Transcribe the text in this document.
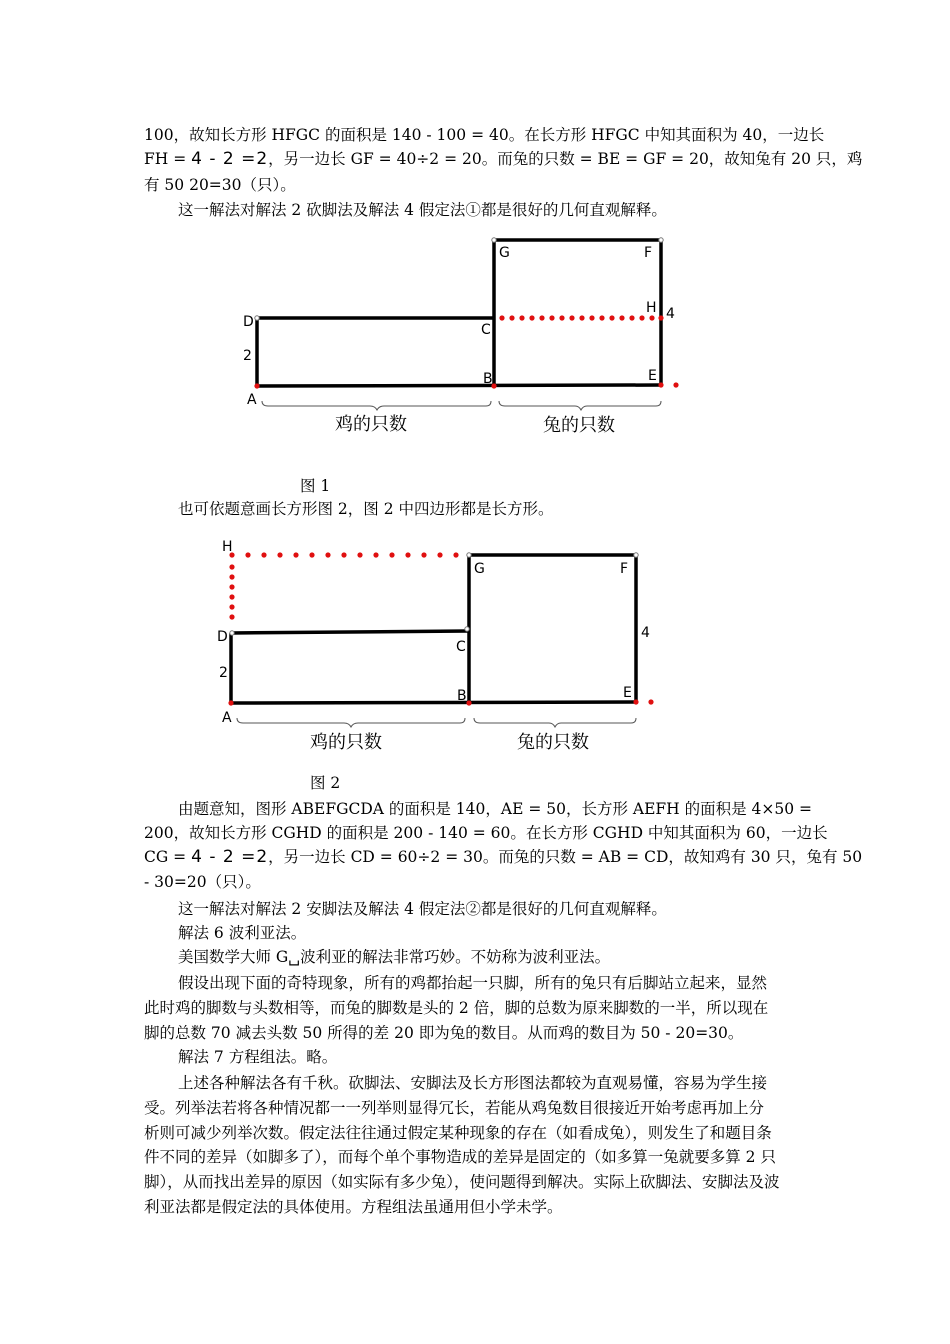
100，故知长方形 HFGC 的面积是 140 ‐ 100 = 40。在长方形 HFGC 中知其面积为 40，一边长
FH = 4 - 2 =2，另一边长 GF = 40÷2 = 20。而兔的只数 = BE = GF = 20，故知兔有 20 只，鸡
有 50 20=30（只）。
这一解法对解法 2 砍脚法及解法 4 假定法①都是很好的几何直观解释。
G	F
H 4
D	C
2
B	E
A
鸡的只数	兔的只数
图 1
也可依题意画长方形图 2，图 2 中四边形都是长方形。
H
G	F
4
D
C
2
B	E
A
鸡的只数	兔的只数
图 2
由题意知，图形 ABEFGCDA 的面积是 140，AE = 50，长方形 AEFH 的面积是 4×50 =
200，故知长方形 CGHD 的面积是 200 ‐ 140 = 60。在长方形 CGHD 中知其面积为 60，一边长
CG = 4 - 2 =2，另一边长 CD = 60÷2 = 30。而兔的只数 = AB = CD，故知鸡有 30 只，兔有 50
‐ 30=20（只）。
这一解法对解法 2 安脚法及解法 4 假定法②都是很好的几何直观解释。
解法 6 波利亚法。
美国数学大师 G␣波利亚的解法非常巧妙。不妨称为波利亚法。
假设出现下面的奇特现象，所有的鸡都抬起一只脚，所有的兔只有后脚站立起来，显然
此时鸡的脚数与头数相等，而兔的脚数是头的 2 倍，脚的总数为原来脚数的一半，所以现在
脚的总数 70 减去头数 50 所得的差 20 即为兔的数目。从而鸡的数目为 50 ‐ 20=30。
解法 7 方程组法。略。
上述各种解法各有千秋。砍脚法、安脚法及长方形图法都较为直观易懂，容易为学生接
受。列举法若将各种情况都一一列举则显得冗长，若能从鸡兔数目很接近开始考虑再加上分
析则可减少列举次数。假定法往往通过假定某种现象的存在（如看成兔），则发生了和题目条
件不同的差异（如脚多了），而每个单个事物造成的差异是固定的（如多算一兔就要多算 2 只
脚），从而找出差异的原因（如实际有多少兔），使问题得到解决。实际上砍脚法、安脚法及波
利亚法都是假定法的具体使用。方程组法虽通用但小学未学。
